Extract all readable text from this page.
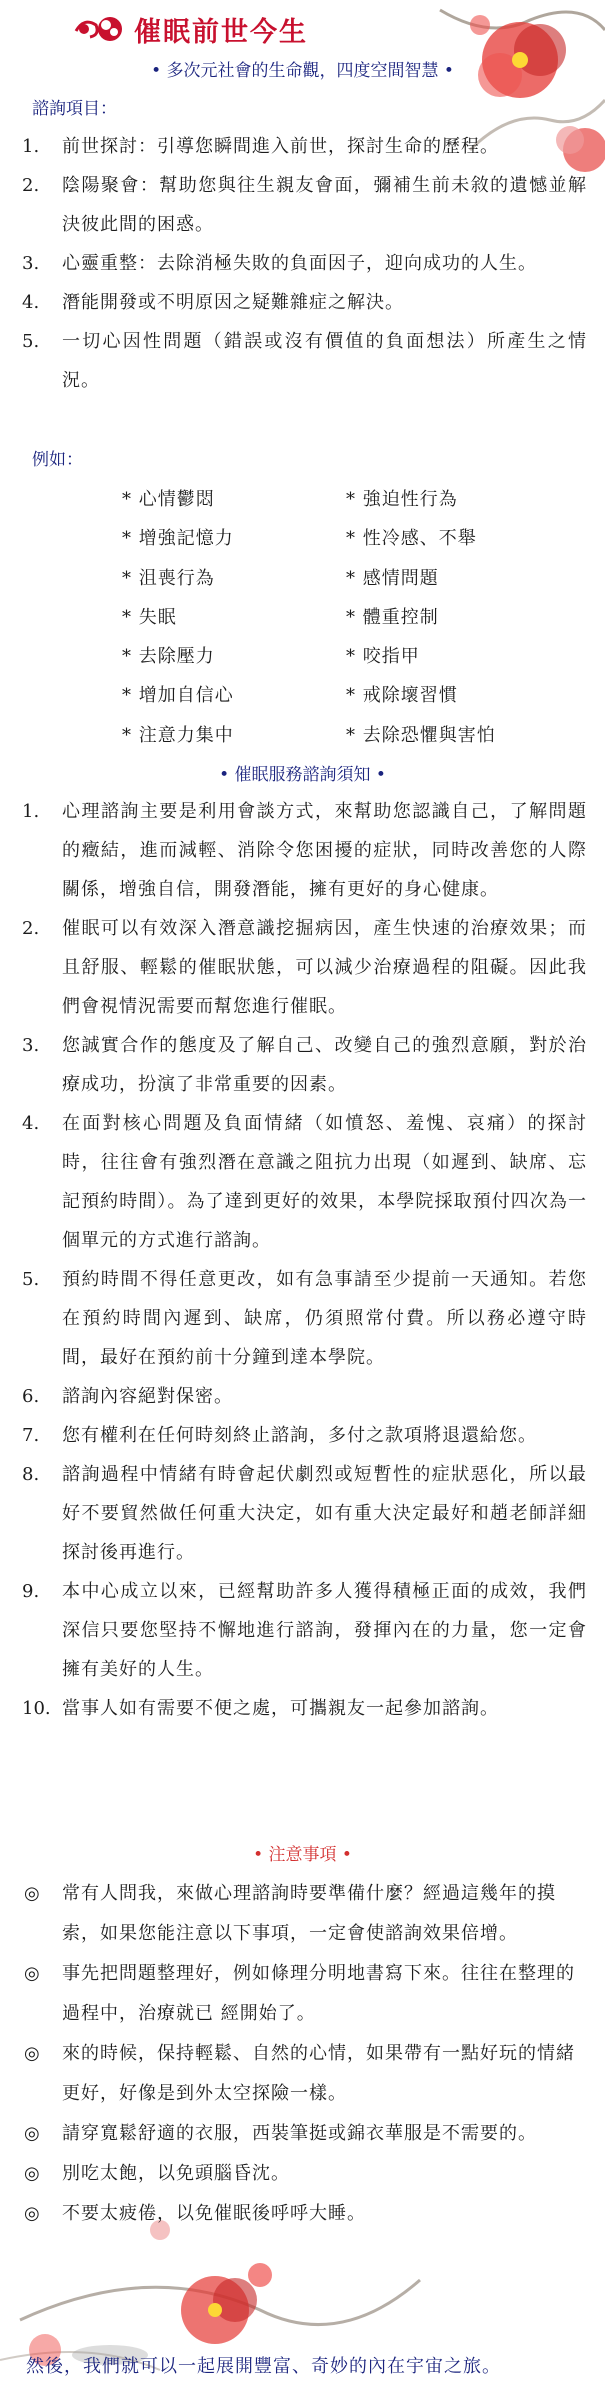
催眠前世今生
• 多次元社會的生命觀，四度空間智慧 •
諮詢項目：
1.	前世探討：引導您瞬間進入前世，探討生命的歷程。
2.	陰陽聚會：幫助您與往生親友會面，彌補生前未敘的遺憾並解決彼此間的困惑。
3.	心靈重整：去除消極失敗的負面因子，迎向成功的人生。
4.	潛能開發或不明原因之疑難雜症之解決。
5.	一切心因性問題（錯誤或沒有價值的負面想法）所產生之情況。
例如：
* 心情鬱悶	* 強迫性行為
* 增強記憶力	* 性冷感、不舉
* 沮喪行為	* 感情問題
* 失眠	* 體重控制
* 去除壓力	* 咬指甲
* 增加自信心	* 戒除壞習慣
* 注意力集中	* 去除恐懼與害怕
• 催眠服務諮詢須知 •
1.	心理諮詢主要是利用會談方式，來幫助您認識自己，了解問題的癥結，進而減輕、消除令您困擾的症狀，同時改善您的人際關係，增強自信，開發潛能，擁有更好的身心健康。
2.	催眠可以有效深入潛意識挖掘病因，產生快速的治療效果；而且舒服、輕鬆的催眠狀態，可以減少治療過程的阻礙。因此我們會視情況需要而幫您進行催眠。
3.	您誠實合作的態度及了解自己、改變自己的強烈意願，對於治療成功，扮演了非常重要的因素。
4.	在面對核心問題及負面情緒（如憤怒、羞愧、哀痛）的探討時，往往會有強烈潛在意識之阻抗力出現（如遲到、缺席、忘記預約時間）。為了達到更好的效果，本學院採取預付四次為一個單元的方式進行諮詢。
5.	預約時間不得任意更改，如有急事請至少提前一天通知。若您在預約時間內遲到、缺席，仍須照常付費。所以務必遵守時間，最好在預約前十分鐘到達本學院。
6.	諮詢內容絕對保密。
7.	您有權利在任何時刻終止諮詢，多付之款項將退還給您。
8.	諮詢過程中情緒有時會起伏劇烈或短暫性的症狀惡化，所以最好不要貿然做任何重大決定，如有重大決定最好和趙老師詳細探討後再進行。
9.	本中心成立以來，已經幫助許多人獲得積極正面的成效，我們深信只要您堅持不懈地進行諮詢，發揮內在的力量，您一定會擁有美好的人生。
10. 當事人如有需要不便之處，可攜親友一起參加諮詢。
• 注意事項 •
◎	常有人問我，來做心理諮詢時要準備什麼？經過這幾年的摸索，如果您能注意以下事項，一定會使諮詢效果倍增。
◎	事先把問題整理好，例如條理分明地書寫下來。往往在整理的過程中，治療就已 經開始了。
◎	來的時候，保持輕鬆、自然的心情，如果帶有一點好玩的情緒更好，好像是到外太空探險一樣。
◎	請穿寬鬆舒適的衣服，西裝筆挺或錦衣華服是不需要的。
◎	別吃太飽，以免頭腦昏沈。
◎	不要太疲倦，以免催眠後呼呼大睡。
然後，我們就可以一起展開豐富、奇妙的內在宇宙之旅。
